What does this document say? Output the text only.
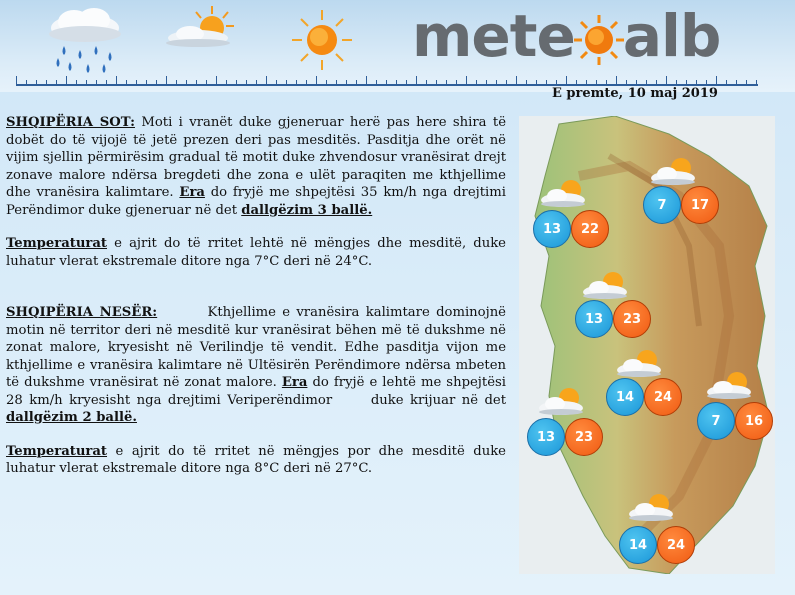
mete alb
E premte, 10 maj 2019

SHQIPËRIA SOT: Moti i vranët duke gjeneruar herë pas here shira të dobët do të vijojë të jetë prezen deri pas mesditës. Pasditja dhe orët në vijim sjellin përmirësim gradual të motit duke zhvendosur vranësirat drejt zonave malore ndërsa bregdeti dhe zona e ulët paraqiten me kthjellime dhe vranësira kalimtare. Era do fryjë me shpejtësi 35 km/h nga drejtimi Perëndimor duke gjeneruar në det dallgëzim 3 ballë.

Temperaturat e ajrit do të rritet lehtë në mëngjes dhe mesditë, duke luhatur vlerat ekstremale ditore nga 7°C deri në 24°C.

SHQIPËRIA NESËR:        Kthjellime e vranësira kalimtare dominojnë motin në territor deri në mesditë kur vranësirat bëhen më të dukshme në zonat malore, kryesisht në Verilindje të vendit. Edhe pasditja vijon me kthjellime e vranësira kalimtare në Ultësirën Perëndimore ndërsa mbeten të dukshme vranësirat në zonat malore. Era do fryjë e lehtë me shpejtësi 28 km/h kryesisht nga drejtimi Veriperëndimor      duke krijuar në det dallgëzim 2 ballë.

Temperaturat e ajrit do të rritet në mëngjes por dhe mesditë duke luhatur vlerat ekstremale ditore nga 8°C deri në 27°C.

13	22
7	17
13	23
14	24
13	23
7	16
14	24
